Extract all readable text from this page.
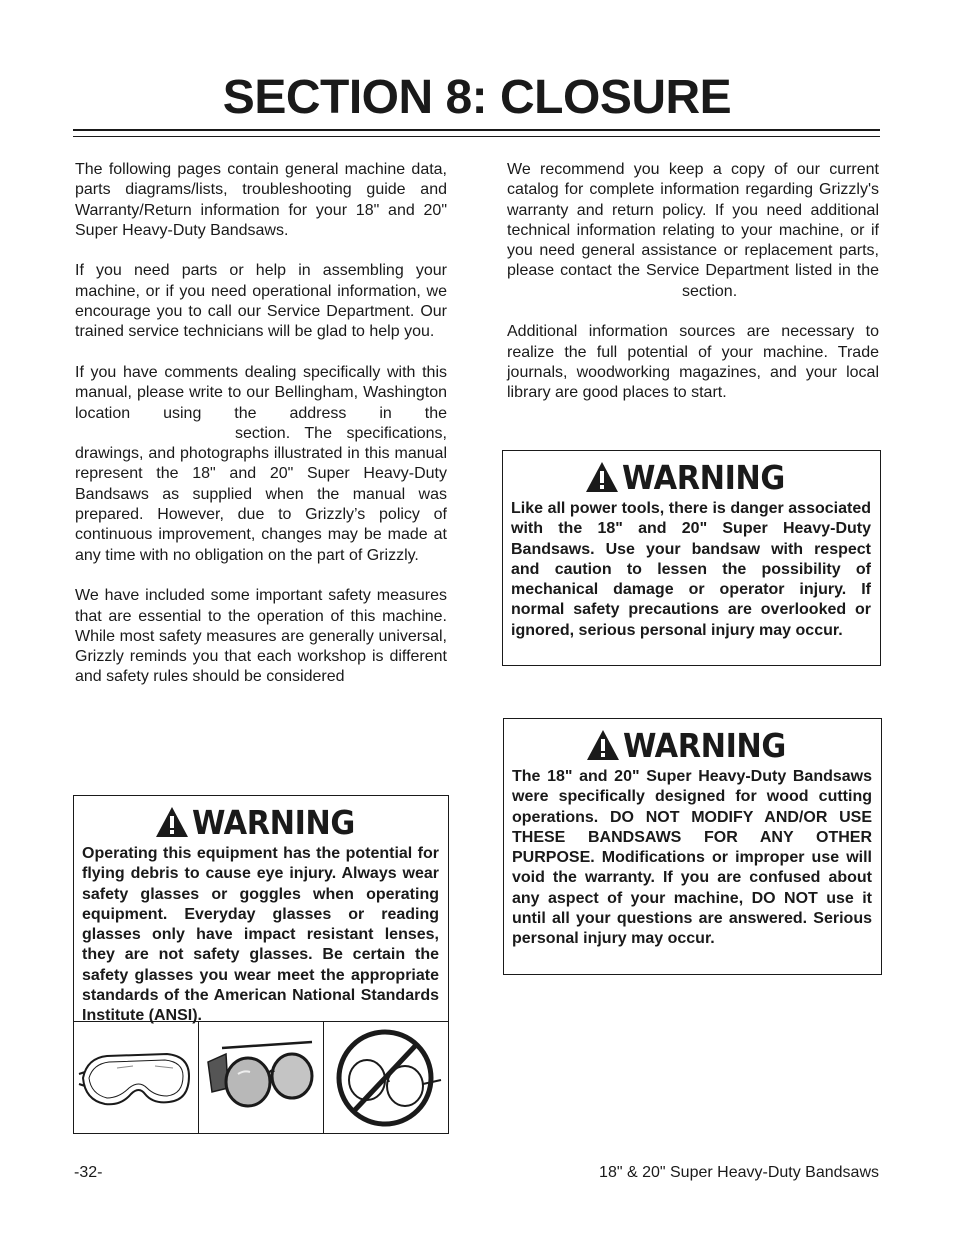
SECTION 8: CLOSURE

The following pages contain general machine data, parts diagrams/lists, troubleshooting guide and Warranty/Return information for your 18" and 20" Super Heavy-Duty Bandsaws.

If you need parts or help in assembling your machine, or if you need operational information, we encourage you to call our Service Department. Our trained service technicians will be glad to help you.

If you have comments dealing specifically with this manual, please write to our Bellingham, Washington location using the address in thesection. The specifications, drawings, and photographs illustrated in this manual represent the 18" and 20" Super Heavy-Duty Bandsaws as supplied when the manual was prepared. However, due to Grizzly’s policy of continuous improvement, changes may be made at any time with no obligation on the part of Grizzly.

We have included some important safety measures that are essential to the operation of this machine. While most safety measures are generally universal, Grizzly reminds you that each workshop is different and safety rules should be considered

We recommend you keep a copy of our current catalog for complete information regarding Grizzly's warranty and return policy. If you need additional technical information relating to your machine, or if you need general assistance or replacement parts, please contact the Service Department listed in thesection.

Additional information sources are necessary to realize the full potential of your machine. Trade journals, woodworking magazines, and your local library are good places to start.

WARNING
Like all power tools, there is danger associated with the 18" and 20" Super Heavy-Duty Bandsaws. Use your bandsaw with respect and caution to lessen the possibility of mechanical damage or operator injury. If normal safety precautions are overlooked or ignored, serious personal injury may occur.
WARNING
The 18" and 20" Super Heavy-Duty Bandsaws were specifically designed for wood cutting operations. DO NOT MODIFY AND/OR USE THESE BANDSAWS FOR ANY OTHER PURPOSE. Modifications or improper use will void the warranty. If you are confused about any aspect of your machine, DO NOT use it until all your questions are answered. Serious personal injury may occur.
WARNING
Operating this equipment has the potential for flying debris to cause eye injury. Always wear safety glasses or goggles when operating equipment. Everyday glasses or reading glasses only have impact resistant lenses, they are not safety glasses. Be certain the safety glasses you wear meet the appropriate standards of the American National Standards Institute (ANSI).
-32-	18" & 20" Super Heavy-Duty Bandsaws
